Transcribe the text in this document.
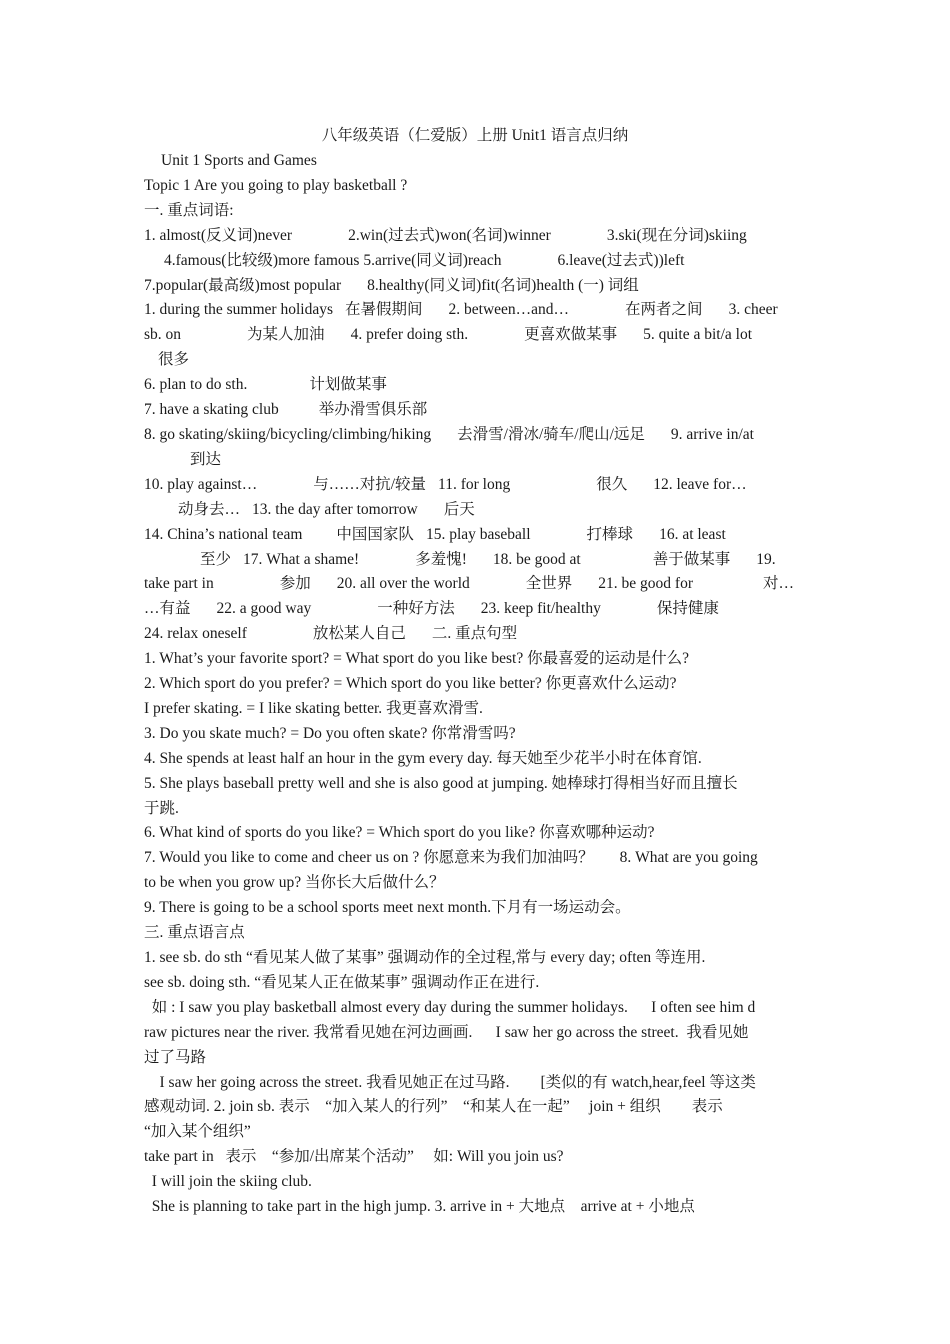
八年级英语（仁爱版）上册 Unit1 语言点归纳
Unit 1 Sports and Games
Topic 1 Are you going to play basketball ?
一. 重点词语:
1. almost(反义词)never	2.win(过去式)won(名词)winner	3.ski(现在分词)skiing
4.famous(比较级)more famous 5.arrive(同义词)reach	6.leave(过去式))left
7.popular(最高级)most popular 8.healthy(同义词)fit(名词)health (一) 词组
1. during the summer holidays 在暑假期间 2. between…and…	在两者之间 3. cheer
sb. on	为某人加油 4. prefer doing sth.	更喜欢做某事 5. quite a bit/a lot
很多
6. plan to do sth.	计划做某事
7. have a skating club	举办滑雪俱乐部
8. go skating/skiing/bicycling/climbing/hiking 去滑雪/滑冰/骑车/爬山/远足 9. arrive in/at
到达
10. play against…	与……对抗/较量 11. for long	很久 12. leave for…
动身去… 13. the day after tomorrow 后天
14. China’s national team 中国国家队 15. play baseball	打棒球 16. at least
至少 17. What a shame!	多羞愧! 18. be good at	善于做某事 19.
take part in	参加 20. all over the world	全世界 21. be good for	对…
…有益 22. a good way	一种好方法 23. keep fit/healthy	保持健康
24. relax oneself	放松某人自己 二. 重点句型
1. What’s your favorite sport? = What sport do you like best? 你最喜爱的运动是什么?
2. Which sport do you prefer? = Which sport do you like better? 你更喜欢什么运动?
I prefer skating. = I like skating better. 我更喜欢滑雪.
3. Do you skate much? = Do you often skate? 你常滑雪吗?
4. She spends at least half an hour in the gym every day. 每天她至少花半小时在体育馆.
5. She plays baseball pretty well and she is also good at jumping. 她棒球打得相当好而且擅长
于跳.
6. What kind of sports do you like? = Which sport do you like? 你喜欢哪种运动?
7. Would you like to come and cheer us on ? 你愿意来为我们加油吗？ 8. What are you going
to be when you grow up? 当你长大后做什么？
9. There is going to be a school sports meet next month.下月有一场运动会。
三. 重点语言点
1. see sb. do sth “看见某人做了某事” 强调动作的全过程,常与 every day; often 等连用.
see sb. doing sth. “看见某人正在做某事” 强调动作正在进行.
如 : I saw you play basketball almost every day during the summer holidays.      I often see him d
raw pictures near the river. 我常看见她在河边画画.      I saw her go across the street.  我看见她
过了马路
I saw her going across the street. 我看见她正在过马路.        [类似的有 watch,hear,feel 等这类
感观动词. 2. join sb. 表示    “加入某人的行列”    “和某人在一起”     join + 组织        表示
“加入某个组织”
take part in   表示    “参加/出席某个活动”     如: Will you join us?
I will join the skiing club.
She is planning to take part in the high jump. 3. arrive in + 大地点    arrive at + 小地点
